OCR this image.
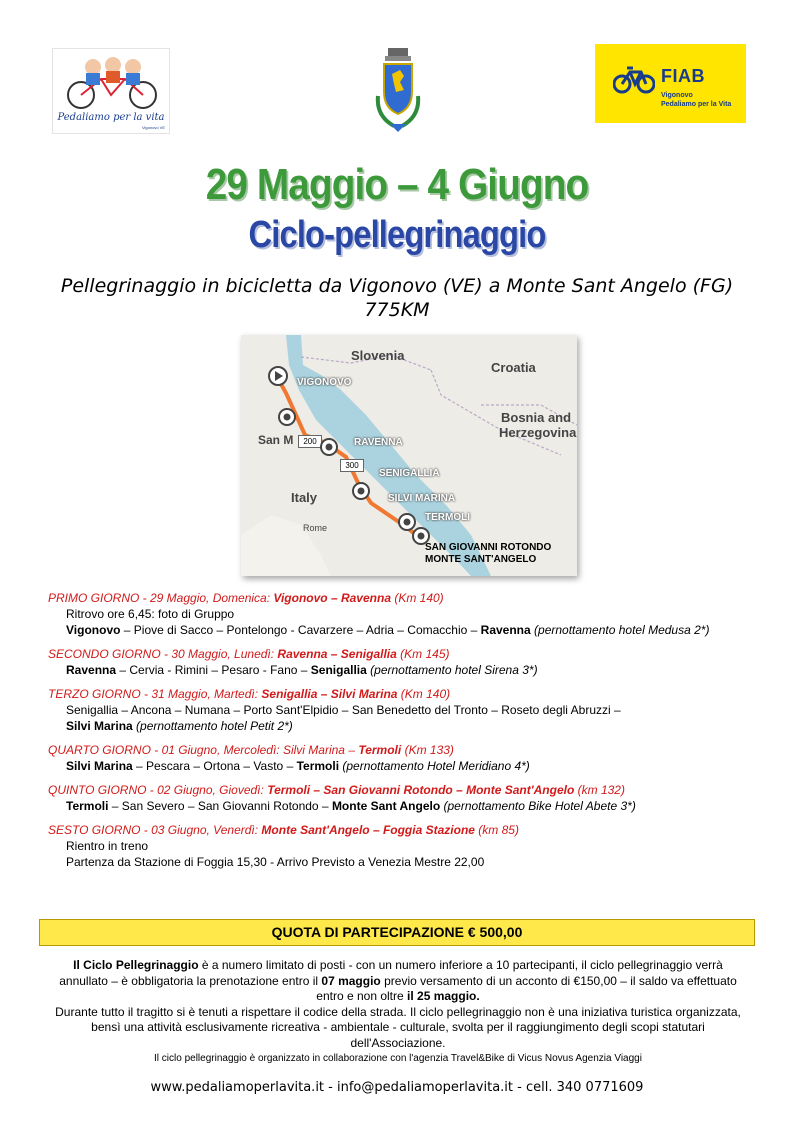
Pedaliamo per la vita
Vigonovo VE
FIAB
Vigonovo
Pedaliamo per la Vita
29 Maggio – 4 Giugno
Ciclo-pellegrinaggio
Pellegrinaggio in bicicletta da Vigonovo (VE) a Monte Sant Angelo (FG)
775KM
Slovenia
Croatia
Bosnia and
Herzegovina
Italy
Rome
San M	200
300
VIGONOVO
RAVENNA
SENIGALLIA
SILVI MARINA
TERMOLI
SAN GIOVANNI ROTONDO
MONTE SANT'ANGELO
PRIMO GIORNO - 29 Maggio, Domenica: Vigonovo – Ravenna (Km 140)
Ritrovo ore 6,45: foto di Gruppo
Vigonovo – Piove di Sacco – Pontelongo - Cavarzere – Adria – Comacchio – Ravenna (pernottamento hotel Medusa 2*)
SECONDO GIORNO - 30 Maggio, Lunedì: Ravenna – Senigallia (Km 145)
Ravenna – Cervia - Rimini – Pesaro - Fano – Senigallia (pernottamento hotel Sirena 3*)
TERZO GIORNO - 31 Maggio, Martedì: Senigallia – Silvi Marina (Km 140)
Senigallia – Ancona – Numana – Porto Sant'Elpidio – San Benedetto del Tronto – Roseto degli Abruzzi –
Silvi Marina (pernottamento hotel Petit 2*)
QUARTO GIORNO - 01 Giugno, Mercoledì: Silvi Marina – Termoli (Km 133)
Silvi Marina – Pescara – Ortona – Vasto – Termoli (pernottamento Hotel Meridiano 4*)
QUINTO GIORNO - 02 Giugno, Giovedì: Termoli – San Giovanni Rotondo – Monte Sant'Angelo (km 132)
Termoli – San Severo – San Giovanni Rotondo – Monte Sant Angelo (pernottamento Bike Hotel Abete 3*)
SESTO GIORNO - 03 Giugno, Venerdì: Monte Sant'Angelo – Foggia Stazione (km 85)
Rientro in treno
Partenza da Stazione di Foggia 15,30 - Arrivo Previsto a Venezia Mestre 22,00
QUOTA DI PARTECIPAZIONE € 500,00
Il Ciclo Pellegrinaggio è a numero limitato di posti - con un numero inferiore a 10 partecipanti, il ciclo pellegrinaggio verrà annullato – è obbligatoria la prenotazione entro il 07 maggio previo versamento di un acconto di €150,00 – il saldo va effettuato entro e non oltre il 25 maggio.
Durante tutto il tragitto si è tenuti a rispettare il codice della strada. Il ciclo pellegrinaggio non è una iniziativa turistica organizzata, bensì una attività esclusivamente ricreativa - ambientale - culturale, svolta per il raggiungimento degli scopi statutari dell'Associazione.
Il ciclo pellegrinaggio è organizzato in collaborazione con l'agenzia Travel&Bike di Vicus Novus Agenzia Viaggi
www.pedaliamoperlavita.it - info@pedaliamoperlavita.it - cell. 340 0771609
